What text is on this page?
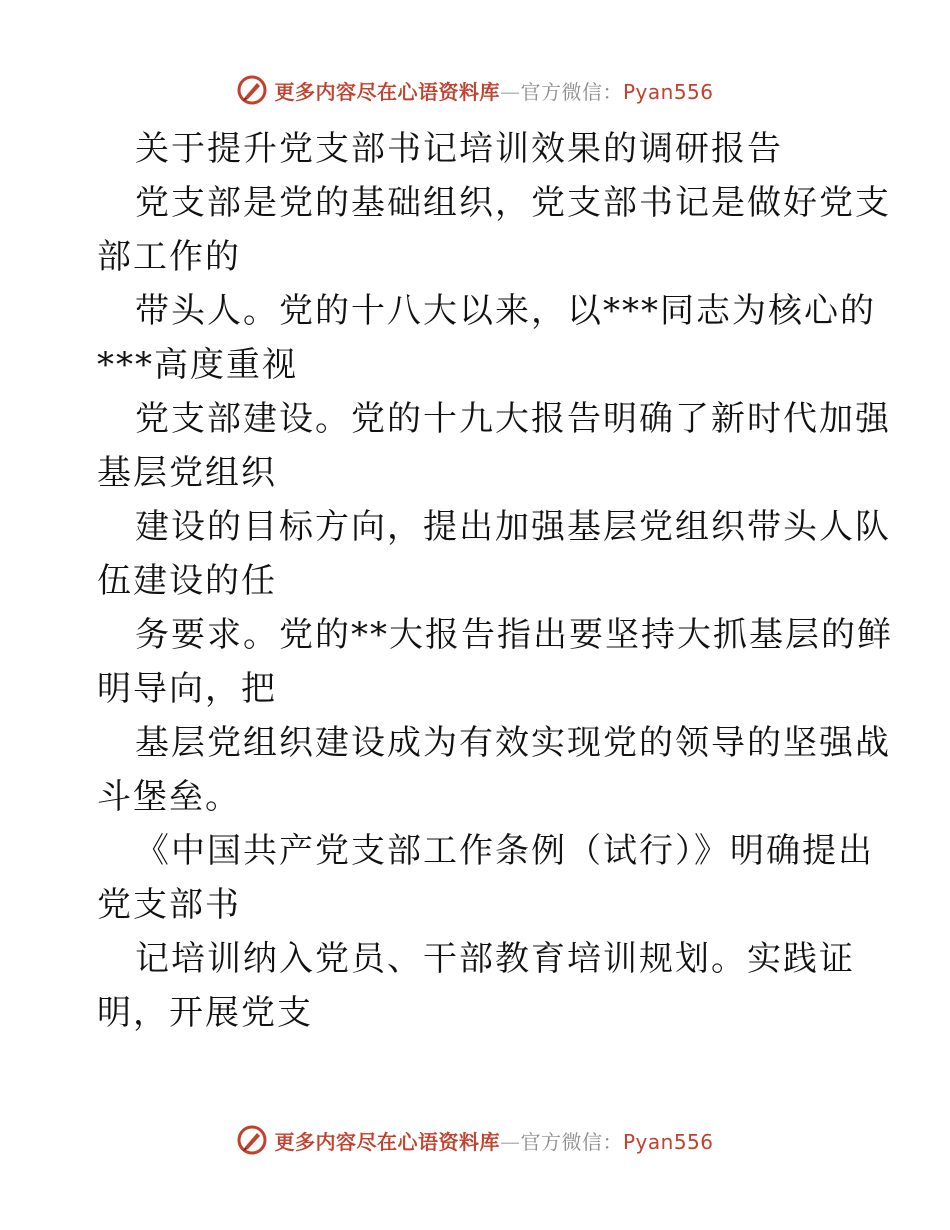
更多内容尽在心语资料库—官方微信：Pyan556
关于提升党支部书记培训效果的调研报告
党支部是党的基础组织，党支部书记是做好党支
部工作的
带头人。党的十八大以来，以***同志为核心的
***高度重视
党支部建设。党的十九大报告明确了新时代加强
基层党组织
建设的目标方向，提出加强基层党组织带头人队
伍建设的任
务要求。党的**大报告指出要坚持大抓基层的鲜
明导向，把
基层党组织建设成为有效实现党的领导的坚强战
斗堡垒。
《中国共产党支部工作条例（试行）》明确提出
党支部书
记培训纳入党员、干部教育培训规划。实践证
明，开展党支
更多内容尽在心语资料库—官方微信：Pyan556
